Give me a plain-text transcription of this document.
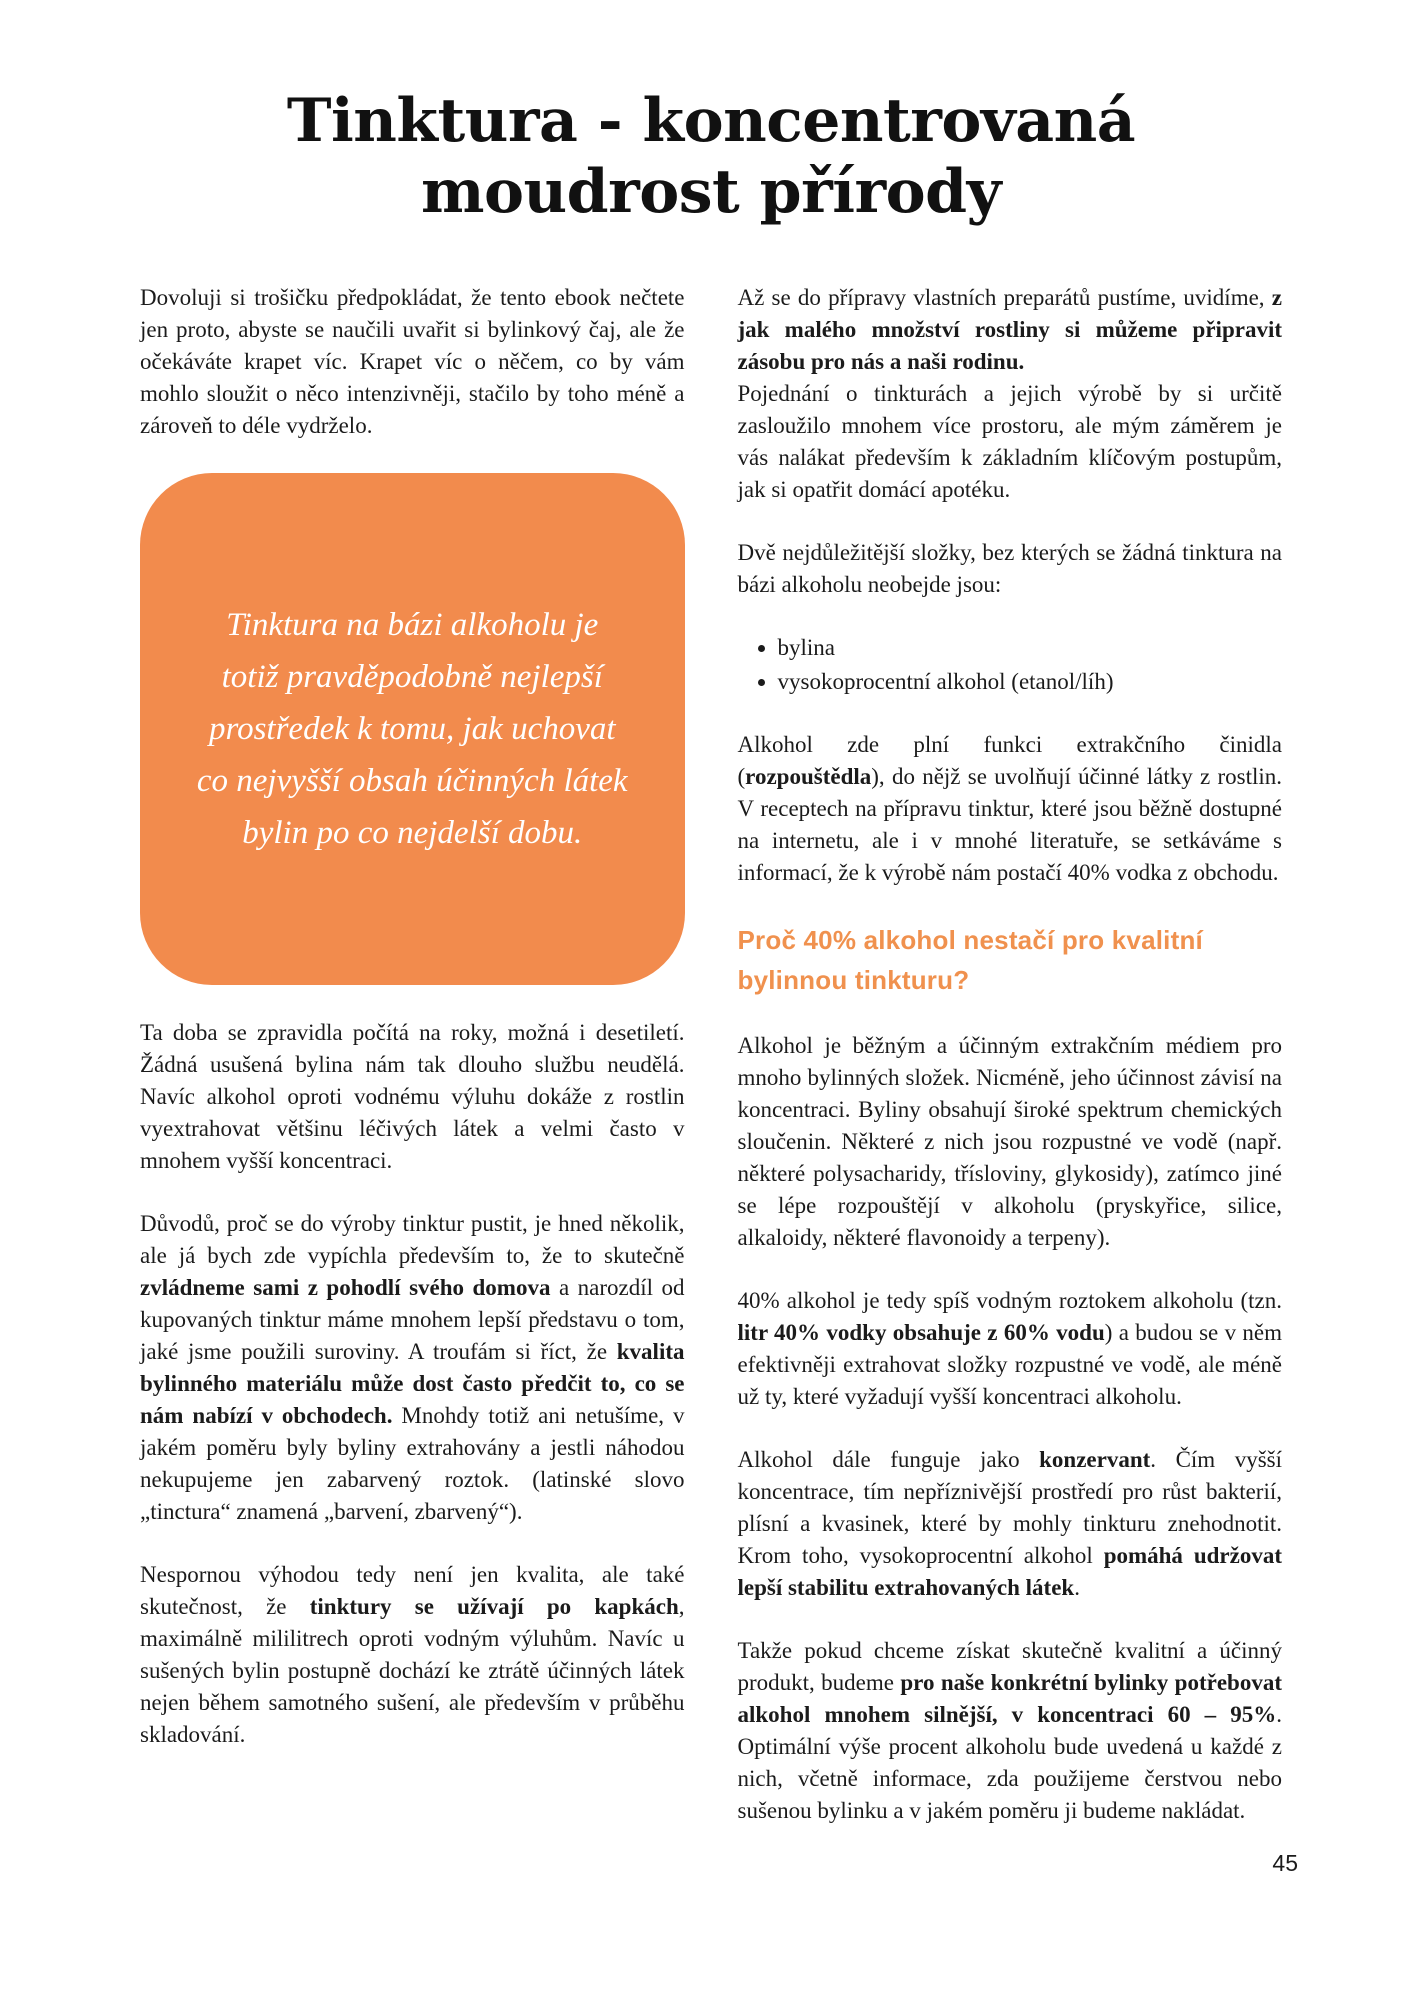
Tinktura - koncentrovaná
moudrost přírody

Dovoluji si trošičku předpokládat, že tento ebook nečtete jen proto, abyste se naučili uvařit si bylinkový čaj, ale že očekáváte krapet víc. Krapet víc o něčem, co by vám mohlo sloužit o něco intenzivněji, stačilo by toho méně a zároveň to déle vydrželo.

Tinktura na bázi alkoholu je totiž pravděpodobně nejlepší prostředek k tomu, jak uchovat co nejvyšší obsah účinných látek bylin po co nejdelší dobu.

Ta doba se zpravidla počítá na roky, možná i desetiletí. Žádná usušená bylina nám tak dlouho službu neudělá. Navíc alkohol oproti vodnému výluhu dokáže z rostlin vyextrahovat většinu léčivých látek a velmi často v mnohem vyšší koncentraci.

Důvodů, proč se do výroby tinktur pustit, je hned několik, ale já bych zde vypíchla především to, že to skutečně zvládneme sami z pohodlí svého domova a narozdíl od kupovaných tinktur máme mnohem lepší představu o tom, jaké jsme použili suroviny. A troufám si říct, že kvalita bylinného materiálu může dost často předčit to, co se nám nabízí v obchodech. Mnohdy totiž ani netušíme, v jakém poměru byly byliny extrahovány a jestli náhodou nekupujeme jen zabarvený roztok. (latinské slovo „tinctura“ znamená „barvení, zbarvený“).

Nespornou výhodou tedy není jen kvalita, ale také skutečnost, že tinktury se užívají po kapkách, maximálně mililitrech oproti vodným výluhům. Navíc u sušených bylin postupně dochází ke ztrátě účinných látek nejen během samotného sušení, ale především v průběhu skladování.

Až se do přípravy vlastních preparátů pustíme, uvidíme, z jak malého množství rostliny si můžeme připravit zásobu pro nás a naši rodinu.
Pojednání o tinkturách a jejich výrobě by si určitě zasloužilo mnohem více prostoru, ale mým záměrem je vás nalákat především k základním klíčovým postupům, jak si opatřit domácí apotéku.

Dvě nejdůležitější složky, bez kterých se žádná tinktura na bázi alkoholu neobejde jsou:

• bylina
• vysokoprocentní alkohol (etanol/líh)

Alkohol zde plní funkci extrakčního činidla (rozpouštědla), do nějž se uvolňují účinné látky z rostlin. V receptech na přípravu tinktur, které jsou běžně dostupné na internetu, ale i v mnohé literatuře, se setkáváme s informací, že k výrobě nám postačí 40% vodka z obchodu.

Proč 40% alkohol nestačí pro kvalitní bylinnou tinkturu?

Alkohol je běžným a účinným extrakčním médiem pro mnoho bylinných složek. Nicméně, jeho účinnost závisí na koncentraci. Byliny obsahují široké spektrum chemických sloučenin. Některé z nich jsou rozpustné ve vodě (např. některé polysacharidy, třísloviny, glykosidy), zatímco jiné se lépe rozpouštějí v alkoholu (pryskyřice, silice, alkaloidy, některé flavonoidy a terpeny).

40% alkohol je tedy spíš vodným roztokem alkoholu (tzn. litr 40% vodky obsahuje z 60% vodu) a budou se v něm efektivněji extrahovat složky rozpustné ve vodě, ale méně už ty, které vyžadují vyšší koncentraci alkoholu.

Alkohol dále funguje jako konzervant. Čím vyšší koncentrace, tím nepříznivější prostředí pro růst bakterií, plísní a kvasinek, které by mohly tinkturu znehodnotit. Krom toho, vysokoprocentní alkohol pomáhá udržovat lepší stabilitu extrahovaných látek.

Takže pokud chceme získat skutečně kvalitní a účinný produkt, budeme pro naše konkrétní bylinky potřebovat alkohol mnohem silnější, v koncentraci 60 – 95%. Optimální výše procent alkoholu bude uvedená u každé z nich, včetně informace, zda použijeme čerstvou nebo sušenou bylinku a v jakém poměru ji budeme nakládat.

45
